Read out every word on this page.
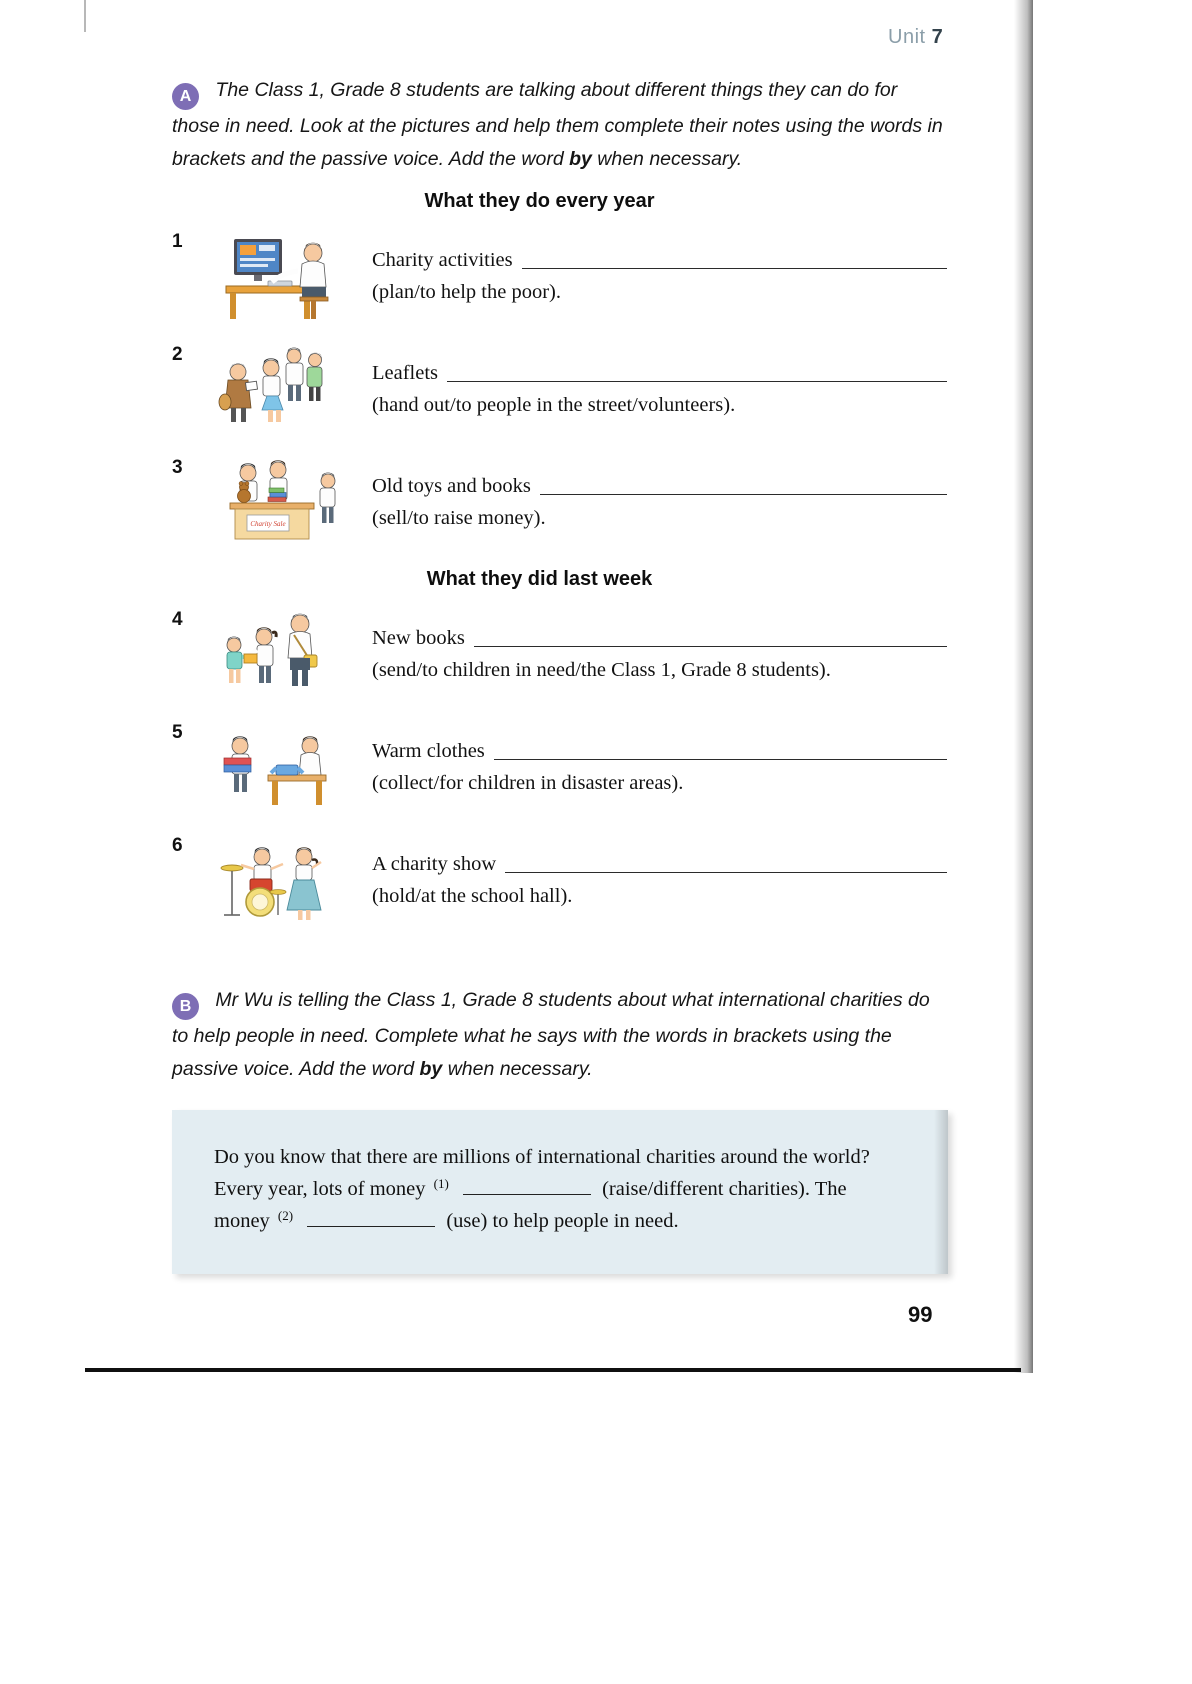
Unit 7

A The Class 1, Grade 8 students are talking about different things they can do for those in need. Look at the pictures and help them complete their notes using the words in brackets and the passive voice. Add the word by when necessary.

What they do every year
1
Charity activities
(plan/to help the poor).
2
Leaflets
(hand out/to people in the street/volunteers).
3
Charity Sale
Old toys and books
(sell/to raise money).
What they did last week
4
New books
(send/to children in need/the Class 1, Grade 8 students).
5
Warm clothes
(collect/for children in disaster areas).
6
A charity show
(hold/at the school hall).

B Mr Wu is telling the Class 1, Grade 8 students about what international charities do to help people in need. Complete what he says with the words in brackets using the passive voice. Add the word by when necessary.

Do you know that there are millions of international charities around the world? Every year, lots of money $^{(1)}$	(raise/different charities). The money $^{(2)}$	(use) to help people in need.

99
